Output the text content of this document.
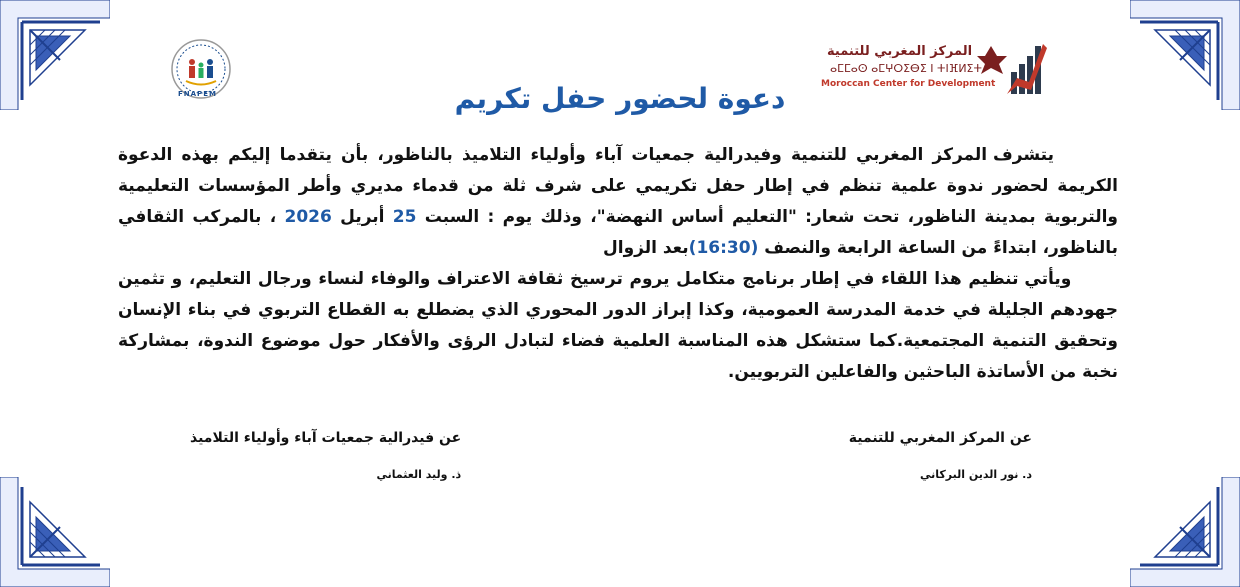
FNAPEM
المركز المغربي للتنمية
ⴰⵎⵎⴰⵙ ⴰⵎⵖⵔⵉⴱⵉ ⵏ ⵜⵏⴼⵍⵉⵜ
Moroccan Center for Development
دعوة لحضور حفل تكريم

يتشرف المركز المغربي للتنمية وفيدرالية جمعيات آباء وأولياء التلاميذ بالناظور، بأن يتقدما إليكم بهذه الدعوة الكريمة لحضور ندوة علمية تنظم في إطار حفل تكريمي على شرف ثلة من قدماء مديري وأطر المؤسسات التعليمية والتربوية بمدينة الناظور، تحت شعار: "التعليم أساس النهضة"، وذلك يوم : السبت 25 أبريل 2026 ، بالمركب الثقافي بالناظور، ابتداءً من الساعة الرابعة والنصف (16:30)بعد الزوال

ويأتي تنظيم هذا اللقاء في إطار برنامج متكامل يروم ترسيخ ثقافة الاعتراف والوفاء لنساء ورجال التعليم، و تثمين جهودهم الجليلة في خدمة المدرسة العمومية، وكذا إبراز الدور المحوري الذي يضطلع به القطاع التربوي في بناء الإنسان وتحقيق التنمية المجتمعية.كما ستشكل هذه المناسبة العلمية فضاء لتبادل الرؤى والأفكار حول موضوع الندوة، بمشاركة نخبة من الأساتذة الباحثين والفاعلين التربويين.

عن المركز المغربي للتنمية
د. نور الدين البركاني
عن فيدرالية جمعيات آباء وأولياء التلاميذ
ذ. وليد العثماني
